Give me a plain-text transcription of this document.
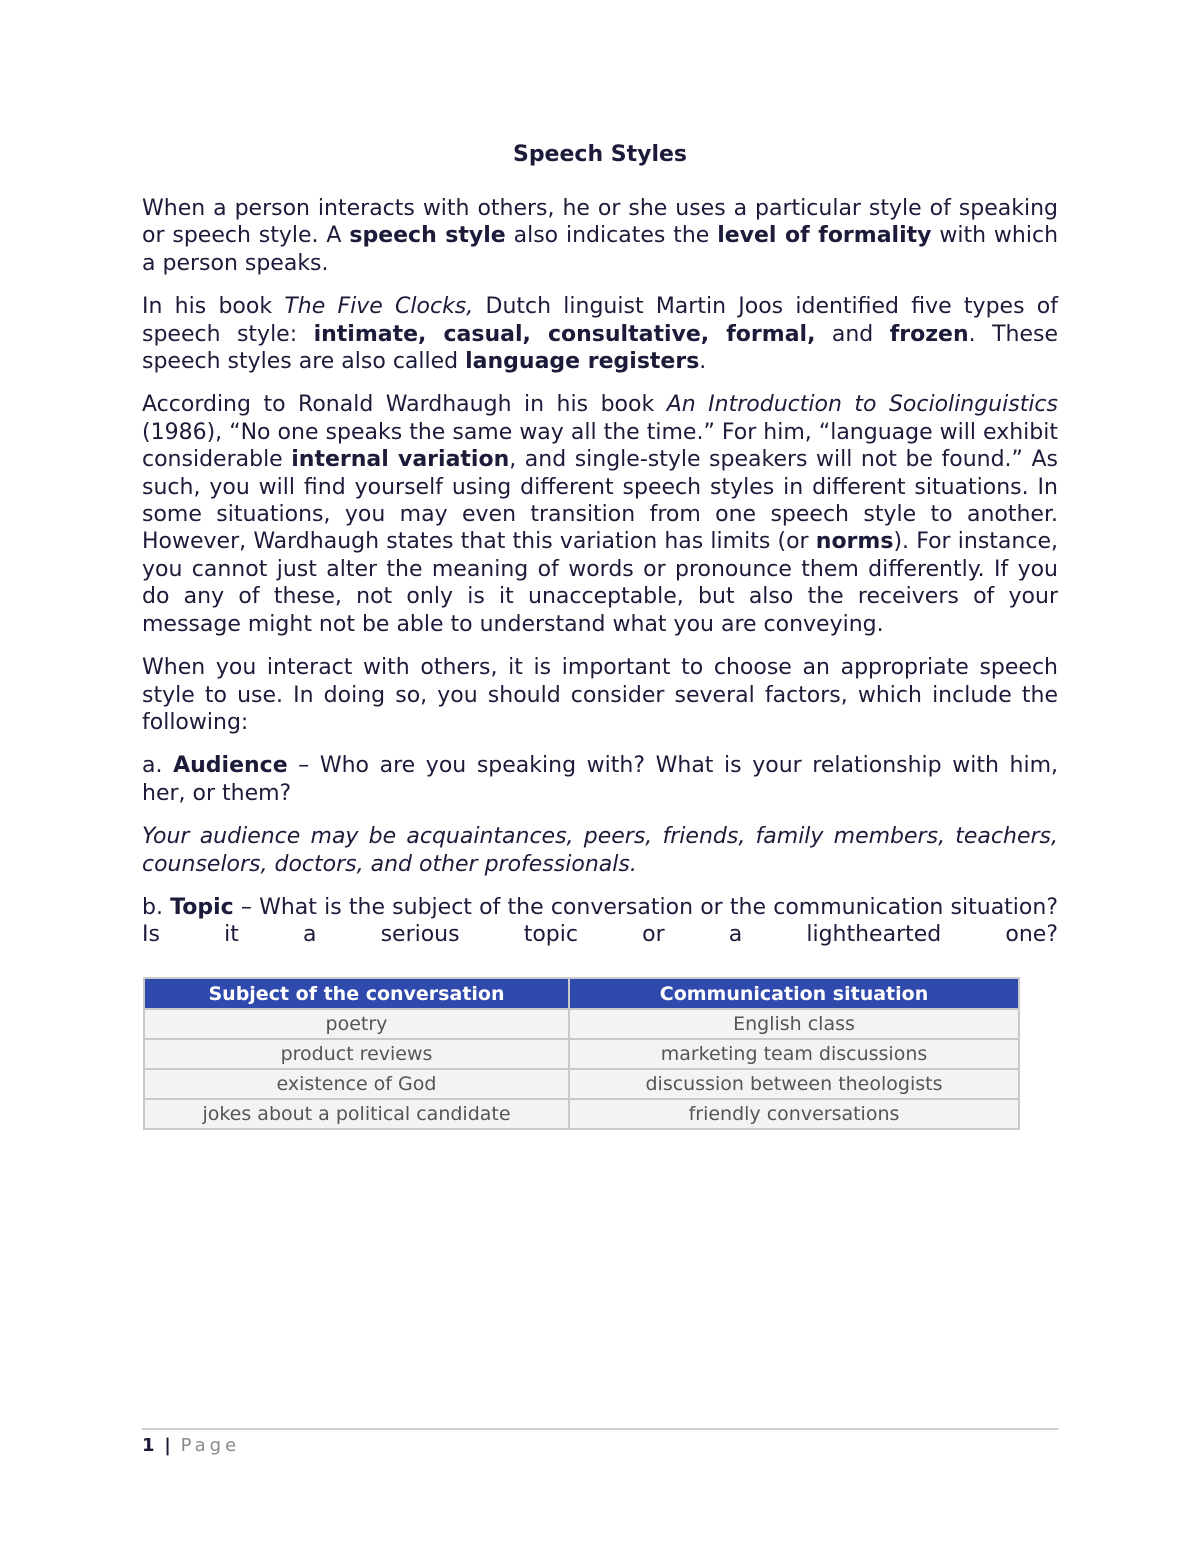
Speech Styles

When a person interacts with others, he or she uses a particular style of speaking or speech style. A speech style also indicates the level of formality with which a person speaks.

In his book The Five Clocks, Dutch linguist Martin Joos identified five types of speech style: intimate, casual, consultative, formal, and frozen. These speech styles are also called language registers.

According to Ronald Wardhaugh in his book An Introduction to Sociolinguistics (1986), “No one speaks the same way all the time.” For him, “language will exhibit considerable internal variation, and single-style speakers will not be found.” As such, you will find yourself using different speech styles in different situations. In some situations, you may even transition from one speech style to another. However, Wardhaugh states that this variation has limits (or norms). For instance, you cannot just alter the meaning of words or pronounce them differently. If you do any of these, not only is it unacceptable, but also the receivers of your message might not be able to understand what you are conveying.

When you interact with others, it is important to choose an appropriate speech style to use. In doing so, you should consider several factors, which include the following:

a. Audience – Who are you speaking with? What is your relationship with him, her, or them?

Your audience may be acquaintances, peers, friends, family members, teachers, counselors, doctors, and other professionals.

b. Topic – What is the subject of the conversation or the communication situation? Is it a serious topic or a lighthearted one?

Subject of the conversation	Communication situation
poetry	English class
product reviews	marketing team discussions
existence of God	discussion between theologists
jokes about a political candidate	friendly conversations
1 | Page
